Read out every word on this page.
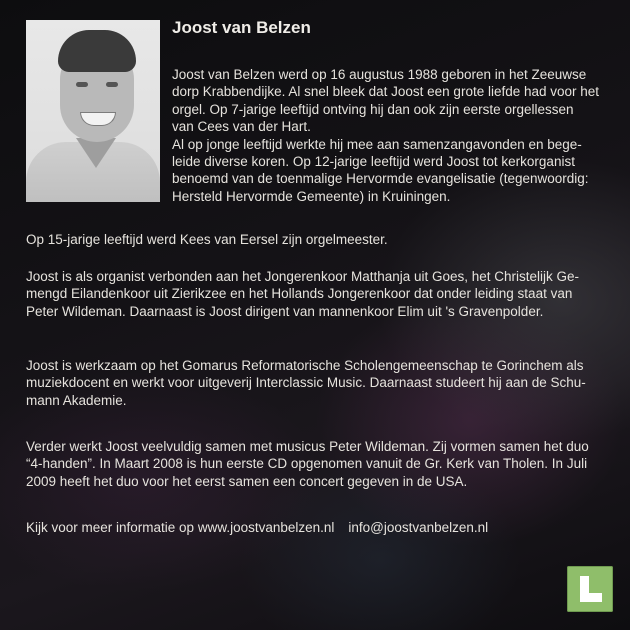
Joost van Belzen

Joost van Belzen werd op 16 augustus 1988 geboren in het Zeeuwse
dorp Krabbendijke. Al snel bleek dat Joost een grote liefde had voor het
orgel. Op 7-jarige leeftijd ontving hij dan ook zijn eerste orgellessen
van Cees van der Hart.
Al op jonge leeftijd werkte hij mee aan samenzangavonden en bege-
leide diverse koren. Op 12-jarige leeftijd werd Joost tot kerkorganist
benoemd van de toenmalige Hervormde evangelisatie (tegenwoordig:
Hersteld Hervormde Gemeente) in Kruiningen.

Op 15-jarige leeftijd werd Kees van Eersel zijn orgelmeester.

Joost is als organist verbonden aan het Jongerenkoor Matthanja uit Goes, het Christelijk Ge-
mengd Eilandenkoor uit Zierikzee en het Hollands Jongerenkoor dat onder leiding staat van
Peter Wildeman. Daarnaast is Joost dirigent van mannenkoor Elim uit 's Gravenpolder.

Joost is werkzaam op het Gomarus Reformatorische Scholengemeenschap te Gorinchem als
muziekdocent en werkt voor uitgeverij Interclassic Music. Daarnaast studeert hij aan de Schu-
mann Akademie.

Verder werkt Joost veelvuldig samen met musicus Peter Wildeman. Zij vormen samen het duo
“4-handen”. In Maart 2008 is hun eerste CD opgenomen vanuit de Gr. Kerk van Tholen. In Juli
2009 heeft het duo voor het eerst samen een concert gegeven in de USA.

Kijk voor meer informatie op www.joostvanbelzen.nl info@joostvanbelzen.nl
